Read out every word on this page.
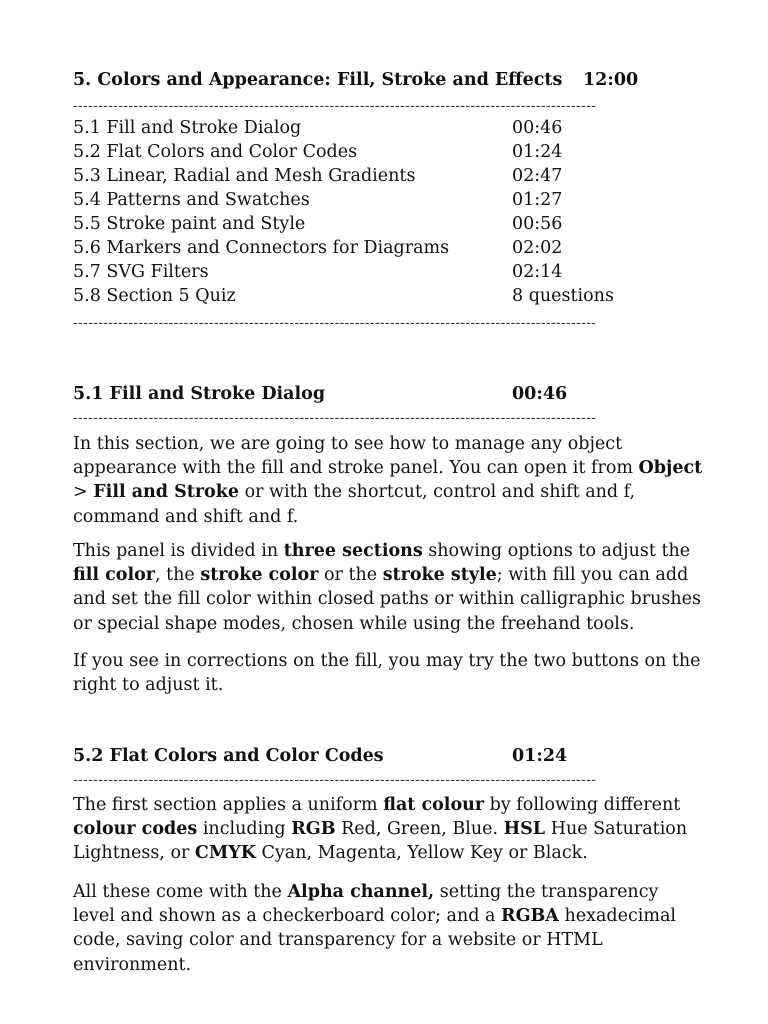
5. Colors and Appearance: Fill, Stroke and Effects 12:00
--------------------------------------------------------------------------------------------------------
5.1 Fill and Stroke Dialog	00:46
5.2 Flat Colors and Color Codes	01:24
5.3 Linear, Radial and Mesh Gradients	02:47
5.4 Patterns and Swatches	01:27
5.5 Stroke paint and Style	00:56
5.6 Markers and Connectors for Diagrams	02:02
5.7 SVG Filters	02:14
5.8 Section 5 Quiz	8 questions
--------------------------------------------------------------------------------------------------------
5.1 Fill and Stroke Dialog	00:46
--------------------------------------------------------------------------------------------------------
In this section, we are going to see how to manage any object appearance with the fill and stroke panel. You can open it from Object > Fill and Stroke or with the shortcut, control and shift and f, command and shift and f.
This panel is divided in three sections showing options to adjust the fill color, the stroke color or the stroke style; with fill you can add and set the fill color within closed paths or within calligraphic brushes or special shape modes, chosen while using the freehand tools.
If you see in corrections on the fill, you may try the two buttons on the right to adjust it.
5.2 Flat Colors and Color Codes	01:24
--------------------------------------------------------------------------------------------------------
The first section applies a uniform flat colour by following different colour codes including RGB Red, Green, Blue. HSL Hue Saturation Lightness, or CMYK Cyan, Magenta, Yellow Key or Black.
All these come with the Alpha channel, setting the transparency level and shown as a checkerboard color; and a RGBA hexadecimal code, saving color and transparency for a website or HTML environment.
